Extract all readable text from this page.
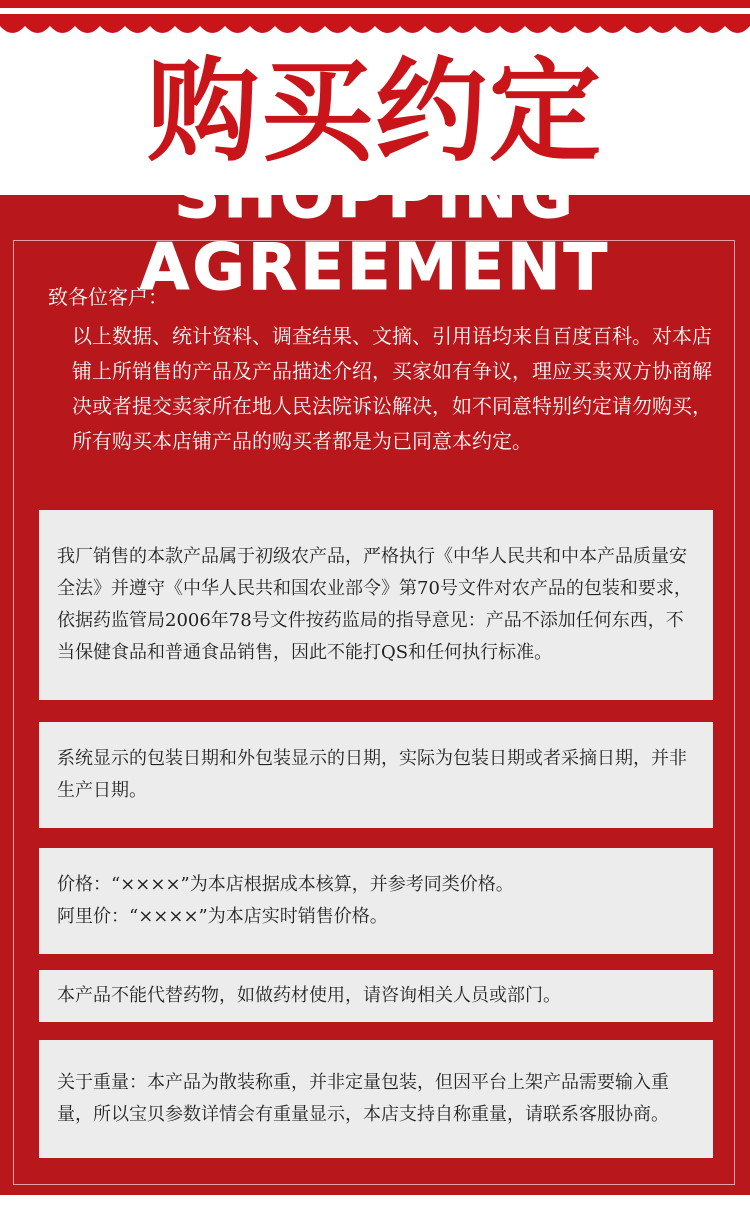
购买约定
SHOPPING AGREEMENT
致各位客户：
以上数据、统计资料、调查结果、文摘、引用语均来自百度百科。对本店铺上所销售的产品及产品描述介绍，买家如有争议，理应买卖双方协商解决或者提交卖家所在地人民法院诉讼解决，如不同意特别约定请勿购买，所有购买本店铺产品的购买者都是为已同意本约定。

我厂销售的本款产品属于初级农产品，严格执行《中华人民共和中本产品质量安全法》并遵守《中华人民共和国农业部令》第70号文件对农产品的包装和要求，依据药监管局2006年78号文件按药监局的指导意见：产品不添加任何东西，不当保健食品和普通食品销售，因此不能打QS和任何执行标准。

系统显示的包装日期和外包装显示的日期，实际为包装日期或者采摘日期，并非生产日期。

价格：“××××”为本店根据成本核算，并参考同类价格。

阿里价：“××××”为本店实时销售价格。

本产品不能代替药物，如做药材使用，请咨询相关人员或部门。

关于重量：本产品为散装称重，并非定量包装，但因平台上架产品需要输入重量，所以宝贝参数详情会有重量显示，本店支持自称重量，请联系客服协商。
